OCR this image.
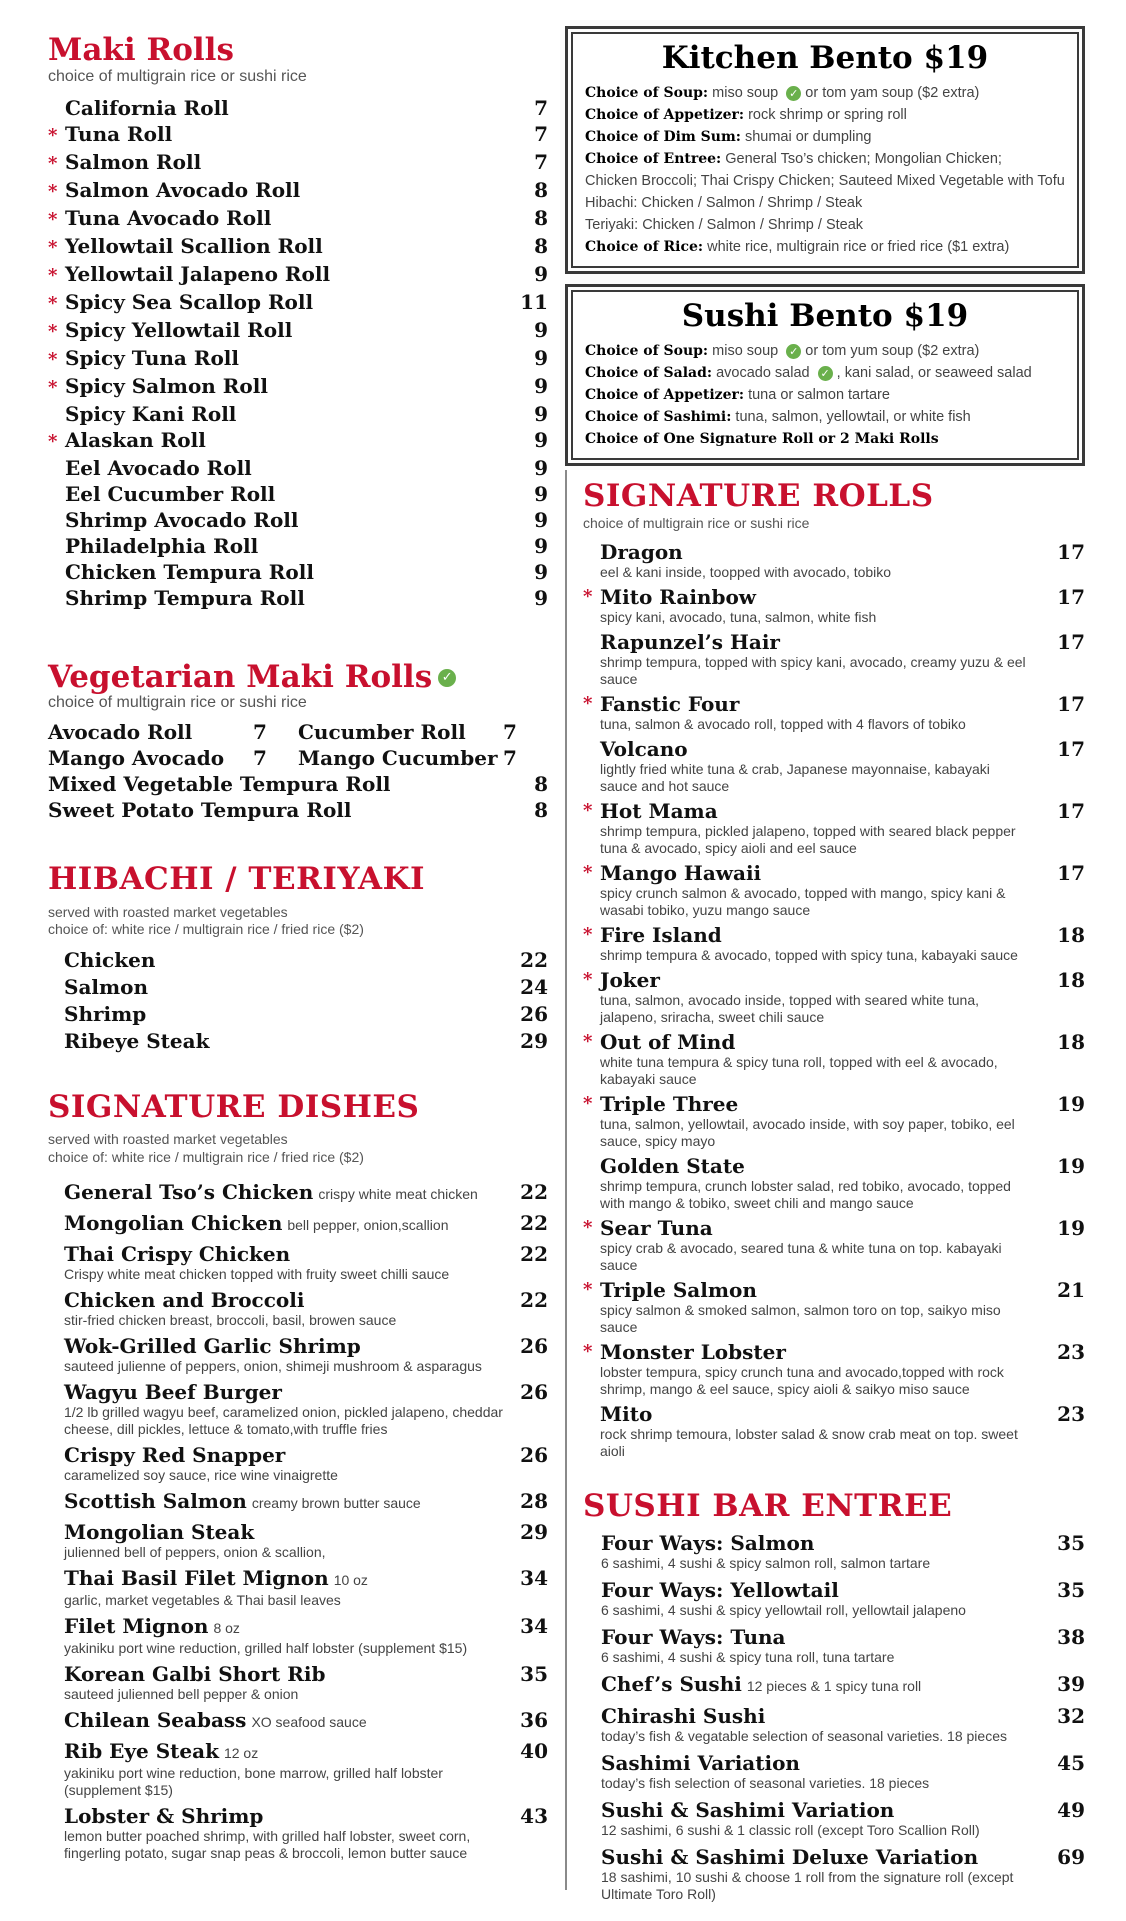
Maki Rolls
choice of multigrain rice or sushi rice
California Roll	7
* Tuna Roll	7
* Salmon Roll	7
* Salmon Avocado Roll	8
* Tuna Avocado Roll	8
* Yellowtail Scallion Roll	8
* Yellowtail Jalapeno Roll	9
* Spicy Sea Scallop Roll	11
* Spicy Yellowtail Roll	9
* Spicy Tuna Roll	9
* Spicy Salmon Roll	9
Spicy Kani Roll	9
* Alaskan Roll	9
Eel Avocado Roll	9
Eel Cucumber Roll	9
Shrimp Avocado Roll	9
Philadelphia Roll	9
Chicken Tempura Roll	9
Shrimp Tempura Roll	9
Vegetarian Maki Rolls ✓
choice of multigrain rice or sushi rice
Avocado Roll	7	Cucumber Roll	7
Mango Avocado	7	Mango Cucumber 7
Mixed Vegetable Tempura Roll	8
Sweet Potato Tempura Roll	8
HIBACHI / TERIYAKI
served with roasted market vegetables
choice of: white rice / multigrain rice / fried rice ($2)
Chicken	22
Salmon	24
Shrimp	26
Ribeye Steak	29
SIGNATURE DISHES
served with roasted market vegetables
choice of: white rice / multigrain rice / fried rice ($2)
General Tso’s Chicken crispy white meat chicken	22
Mongolian Chicken bell pepper, onion,scallion	22
Thai Crispy Chicken	22
Crispy white meat chicken topped with fruity sweet chilli sauce
Chicken and Broccoli	22
stir-fried chicken breast, broccoli, basil, browen sauce
Wok-Grilled Garlic Shrimp	26
sauteed julienne of peppers, onion, shimeji mushroom & asparagus
Wagyu Beef Burger	26
1/2 lb grilled wagyu beef, caramelized onion, pickled jalapeno, cheddar cheese, dill pickles, lettuce & tomato,with truffle fries
Crispy Red Snapper	26
caramelized soy sauce, rice wine vinaigrette
Scottish Salmon creamy brown butter sauce	28
Mongolian Steak	29
julienned bell of peppers, onion & scallion,
Thai Basil Filet Mignon 10 oz	34
garlic, market vegetables & Thai basil leaves
Filet Mignon 8 oz	34
yakiniku port wine reduction, grilled half lobster (supplement $15)
Korean Galbi Short Rib	35
sauteed julienned bell pepper & onion
Chilean Seabass XO seafood sauce	36
Rib Eye Steak 12 oz	40
yakiniku port wine reduction, bone marrow, grilled half lobster (supplement $15)
Lobster & Shrimp	43
lemon butter poached shrimp, with grilled half lobster, sweet corn, fingerling potato, sugar snap peas & broccoli, lemon butter sauce
Kitchen Bento $19
Choice of Soup: miso soup ✓ or tom yam soup ($2 extra)
Choice of Appetizer: rock shrimp or spring roll
Choice of Dim Sum: shumai or dumpling
Choice of Entree: General Tso’s chicken; Mongolian Chicken;
Chicken Broccoli; Thai Crispy Chicken; Sauteed Mixed Vegetable with Tofu
Hibachi: Chicken / Salmon / Shrimp / Steak
Teriyaki: Chicken / Salmon / Shrimp / Steak
Choice of Rice: white rice, multigrain rice or fried rice ($1 extra)
Sushi Bento $19
Choice of Soup: miso soup ✓ or tom yum soup ($2 extra)
Choice of Salad: avocado salad ✓ , kani salad, or seaweed salad
Choice of Appetizer: tuna or salmon tartare
Choice of Sashimi: tuna, salmon, yellowtail, or white fish
Choice of One Signature Roll or 2 Maki Rolls
SIGNATURE ROLLS
choice of multigrain rice or sushi rice
Dragon	17
eel & kani inside, toopped with avocado, tobiko
* Mito Rainbow	17
spicy kani, avocado, tuna, salmon, white fish
Rapunzel’s Hair	17
shrimp tempura, topped with spicy kani, avocado, creamy yuzu & eel sauce
* Fanstic Four	17
tuna, salmon & avocado roll, topped with 4 flavors of tobiko
Volcano	17
lightly fried white tuna & crab, Japanese mayonnaise, kabayaki sauce and hot sauce
* Hot Mama	17
shrimp tempura, pickled jalapeno, topped with seared black pepper tuna & avocado, spicy aioli and eel sauce
* Mango Hawaii	17
spicy crunch salmon & avocado, topped with mango, spicy kani & wasabi tobiko, yuzu mango sauce
* Fire Island	18
shrimp tempura & avocado, topped with spicy tuna, kabayaki sauce
* Joker	18
tuna, salmon, avocado inside, topped with seared white tuna, jalapeno, sriracha, sweet chili sauce
* Out of Mind	18
white tuna tempura & spicy tuna roll, topped with eel & avocado, kabayaki sauce
* Triple Three	19
tuna, salmon, yellowtail, avocado inside, with soy paper, tobiko, eel sauce, spicy mayo
Golden State	19
shrimp tempura, crunch lobster salad, red tobiko, avocado, topped with mango & tobiko, sweet chili and mango sauce
* Sear Tuna	19
spicy crab & avocado, seared tuna & white tuna on top. kabayaki sauce
* Triple Salmon	21
spicy salmon & smoked salmon, salmon toro on top, saikyo miso sauce
* Monster Lobster	23
lobster tempura, spicy crunch tuna and avocado,topped with rock shrimp, mango & eel sauce, spicy aioli & saikyo miso sauce
Mito	23
rock shrimp temoura, lobster salad & snow crab meat on top. sweet aioli
SUSHI BAR ENTREE
Four Ways: Salmon	35
6 sashimi, 4 sushi & spicy salmon roll, salmon tartare
Four Ways: Yellowtail	35
6 sashimi, 4 sushi & spicy yellowtail roll, yellowtail jalapeno
Four Ways: Tuna	38
6 sashimi, 4 sushi & spicy tuna roll, tuna tartare
Chef’s Sushi 12 pieces & 1 spicy tuna roll	39
Chirashi Sushi	32
today’s fish & vegatable selection of seasonal varieties. 18 pieces
Sashimi Variation	45
today’s fish selection of seasonal varieties. 18 pieces
Sushi & Sashimi Variation	49
12 sashimi, 6 sushi & 1 classic roll (except Toro Scallion Roll)
Sushi & Sashimi Deluxe Variation	69
18 sashimi, 10 sushi & choose 1 roll from the signature roll (except Ultimate Toro Roll)
